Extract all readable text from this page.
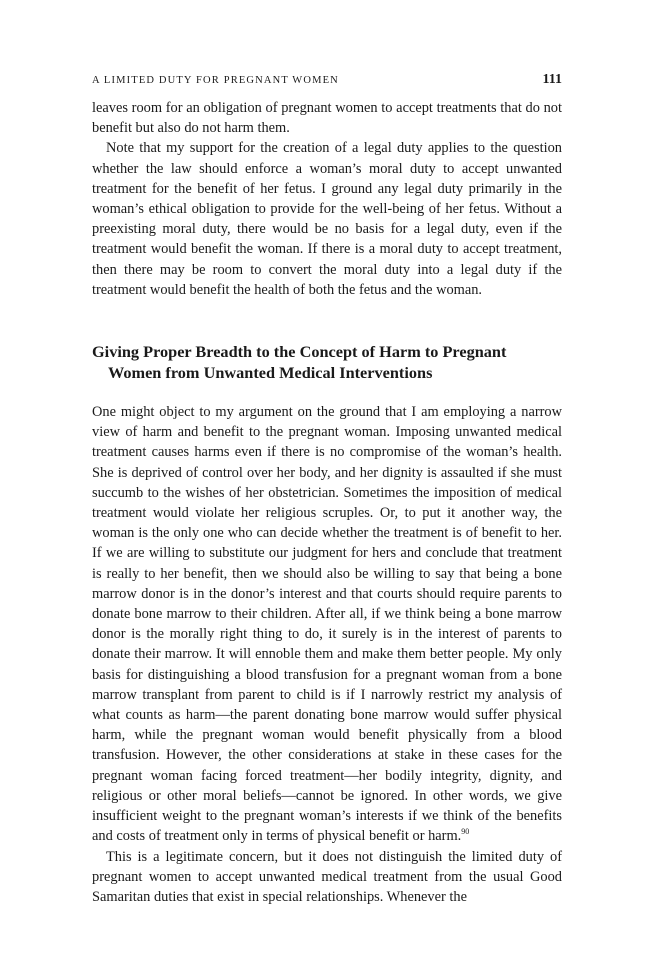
A LIMITED DUTY FOR PREGNANT WOMEN	111

leaves room for an obligation of pregnant women to accept treatments that do not benefit but also do not harm them.

Note that my support for the creation of a legal duty applies to the question whether the law should enforce a woman’s moral duty to accept unwanted treatment for the benefit of her fetus. I ground any legal duty primarily in the woman’s ethical obligation to provide for the well-being of her fetus. Without a preexisting moral duty, there would be no basis for a legal duty, even if the treatment would benefit the woman. If there is a moral duty to accept treatment, then there may be room to convert the moral duty into a legal duty if the treatment would benefit the health of both the fetus and the woman.

Giving Proper Breadth to the Concept of Harm to Pregnant Women from Unwanted Medical Interventions

One might object to my argument on the ground that I am employing a narrow view of harm and benefit to the pregnant woman. Imposing unwanted medical treatment causes harms even if there is no compromise of the woman’s health. She is deprived of control over her body, and her dignity is assaulted if she must succumb to the wishes of her obstetrician. Sometimes the imposition of medical treatment would violate her religious scruples. Or, to put it another way, the woman is the only one who can decide whether the treatment is of benefit to her. If we are willing to substitute our judgment for hers and conclude that treatment is really to her benefit, then we should also be willing to say that being a bone marrow donor is in the donor’s interest and that courts should require parents to donate bone marrow to their children. After all, if we think being a bone marrow donor is the morally right thing to do, it surely is in the interest of parents to donate their marrow. It will ennoble them and make them better people. My only basis for distinguishing a blood transfusion for a pregnant woman from a bone marrow transplant from parent to child is if I narrowly restrict my analysis of what counts as harm—the parent donating bone marrow would suffer physical harm, while the pregnant woman would benefit physically from a blood transfusion. However, the other considerations at stake in these cases for the pregnant woman facing forced treatment—her bodily integrity, dignity, and religious or other moral beliefs—cannot be ignored. In other words, we give insufficient weight to the pregnant woman’s interests if we think of the benefits and costs of treatment only in terms of physical benefit or harm.$^{90}$

This is a legitimate concern, but it does not distinguish the limited duty of pregnant women to accept unwanted medical treatment from the usual Good Samaritan duties that exist in special relationships. Whenever the
